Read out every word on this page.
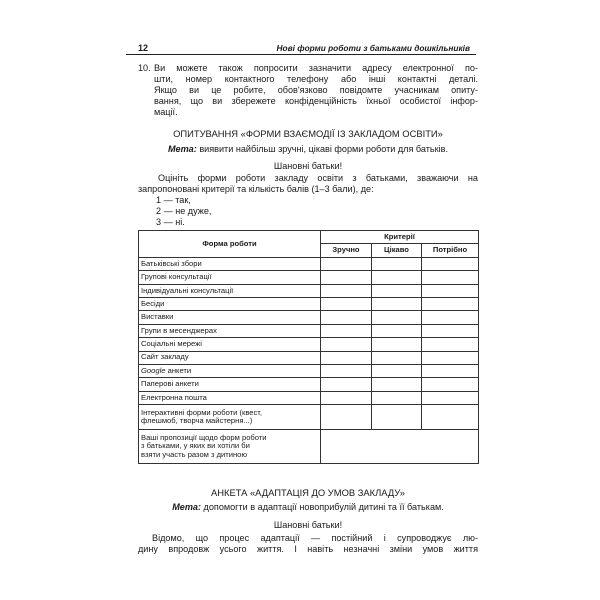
12	Нові форми роботи з батьками дошкільників
10. Ви можете також попросити зазначити адресу електронної по-
шти, номер контактного телефону або інші контактні деталі.
Якщо ви це робите, обов'язково повідомте учасникам опиту-
вання, що ви збережете конфіденційність їхньої особистої інфор-
мації.
ОПИТУВАННЯ «ФОРМИ ВЗАЄМОДІЇ ІЗ ЗАКЛАДОМ ОСВІТИ»
Мета: виявити найбільш зручні, цікаві форми роботи для батьків.
Шановні батьки!
Оцініть форми роботи закладу освіти з батьками, зважаючи на
запропоновані критерії та кількість балів (1–3 бали), де:
1 — так,
2 — не дуже,
3 — ні.
Форма роботи	Критерії		
	Зручно	Цікаво	Потрібно
Батьківські збори			
Групові консультації			
Індивідуальні консультації			
Бесіди			
Виставки			
Групи в месенджерах			
Соціальні мережі			
Сайт закладу			
Google анкети			
Паперові анкети			
Електронна пошта			
Інтерактивні форми роботи (квест,
флешмоб, творча майстерня...)			
Ваші пропозиції щодо форм роботи
з батьками, у яких ви хотіли би
взяти участь разом з дитиною			
АНКЕТА «АДАПТАЦІЯ ДО УМОВ ЗАКЛАДУ»
Мета: допомогти в адаптації новоприбулій дитині та її батькам.
Шановні батьки!
Відомо, що процес адаптації — постійний і супроводжує лю-
дину впродовж усього життя. І навіть незначні зміни умов життя
